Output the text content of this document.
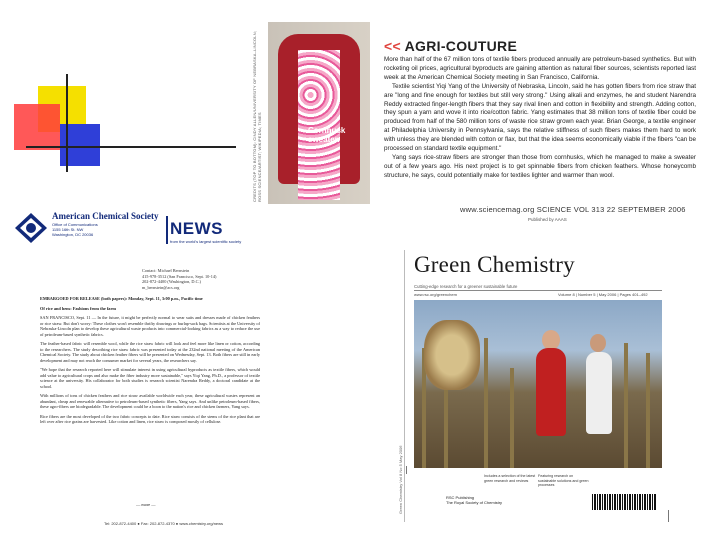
CREDITS (TOP TO BOTTOM): CINDY ALLEN/UNIVERSITY OF NEBRASKA–LINCOLN; ROSS SCIENCE/ARTIST; WIKIPEDIA; TIMES	Cornhusk sweater.
<< AGRI-COUTURE

More than half of the 67 million tons of textile fibers produced annually are petroleum-based synthetics. But with rocketing oil prices, agricultural byproducts are gaining attention as natural fiber sources, scientists reported last week at the American Chemical Society meeting in San Francisco, California.

Textile scientist Yiqi Yang of the University of Nebraska, Lincoln, said he has gotten fibers from rice straw that are "long and fine enough for textiles but still very strong." Using alkali and enzymes, he and student Narendra Reddy extracted finger-length fibers that they say rival linen and cotton in flexibility and strength. Adding cotton, they spun a yarn and wove it into rice/cotton fabric. Yang estimates that 38 million tons of textile fiber could be produced from half of the 580 million tons of waste rice straw grown each year. Brian George, a textile engineer at Philadelphia University in Pennsylvania, says the relative stiffness of such fibers makes them hard to work with unless they are blended with cotton or flax, but that the idea seems economically viable if the fibers "can be processed on standard textile equipment."

Yang says rice-straw fibers are stronger than those from cornhusks, which he managed to make a sweater out of a few years ago. His next project is to get spinnable fibers from chicken feathers. Whose honeycomb structure, he says, could potentially make for textiles lighter and warmer than wool.

www.sciencemag.org SCIENCE VOL 313 22 SEPTEMBER 2006
Published by AAAS
American Chemical Society
Office of Communications
1155 16th St. NW
Washington, DC 20036	NEWS
from the world's largest scientific society
Contact: Michael Bernstein
415-978-3512 (San Francisco, Sept. 10-14)
202-872-4400 (Washington, D.C.)
m_bernstein@acs.org

EMBARGOED FOR RELEASE (both papers): Monday, Sept. 11, 3:00 p.m., Pacific time

Of rice and hens: Fashions from the farm

SAN FRANCISCO, Sept. 11 — In the future, it might be perfectly normal to wear suits and dresses made of chicken feathers or rice straw. But don't worry: These clothes won't resemble thrifty drawings or burlap-sack bags. Scientists at the University of Nebraska-Lincoln plan to develop these agricultural waste products into commercial-looking fabrics as a way to reduce the use of petroleum-based synthetic fabrics.

The feather-based fabric will resemble wool, while the rice straw fabric will look and feel more like linen or cotton, according to the researchers. The study describing rice straw fabric was presented today at the 232nd national meeting of the American Chemical Society. The study about chicken feather fibers will be presented on Wednesday, Sept. 13. Both fibers are still in early development and may not reach the consumer market for several years, the researchers say.

"We hope that the research reported here will stimulate interest in using agricultural byproducts as textile fibers, which would add value to agricultural crops and also make the fiber industry more sustainable," says Yiqi Yang, Ph.D., a professor of textile science at the university. His collaborator for both studies is research scientist Narendra Reddy, a doctoral candidate at the school.

With millions of tons of chicken feathers and rice straw available worldwide each year, these agricultural wastes represent an abundant, cheap and renewable alternative to petroleum-based synthetic fibers, Yang says. And unlike petroleum-based fibers, these agro-fibers are biodegradable. The development could be a boon to the nation's rice and chicken farmers, Yang says.

Rice fibers are the most developed of the two fabric concepts to date. Rice straw consists of the stems of the rice plant that are left over after rice grains are harvested. Like cotton and linen, rice straw is composed mostly of cellulose.

— more —
Tel: 202-872-4400 ● Fax: 202-872-4370 ● www.chemistry.org/news
Green Chemistry Vol 8 No 5 May 2006
Green Chemistry
Cutting-edge research for a greener sustainable future
www.rsc.org/greenchem	Volume 8 | Number 5 | May 2006 | Pages 401–492
RSC Publishing
The Royal Society of Chemistry
Includes a selection of the latest green research and reviews
Featuring research on sustainable solutions and green processes
